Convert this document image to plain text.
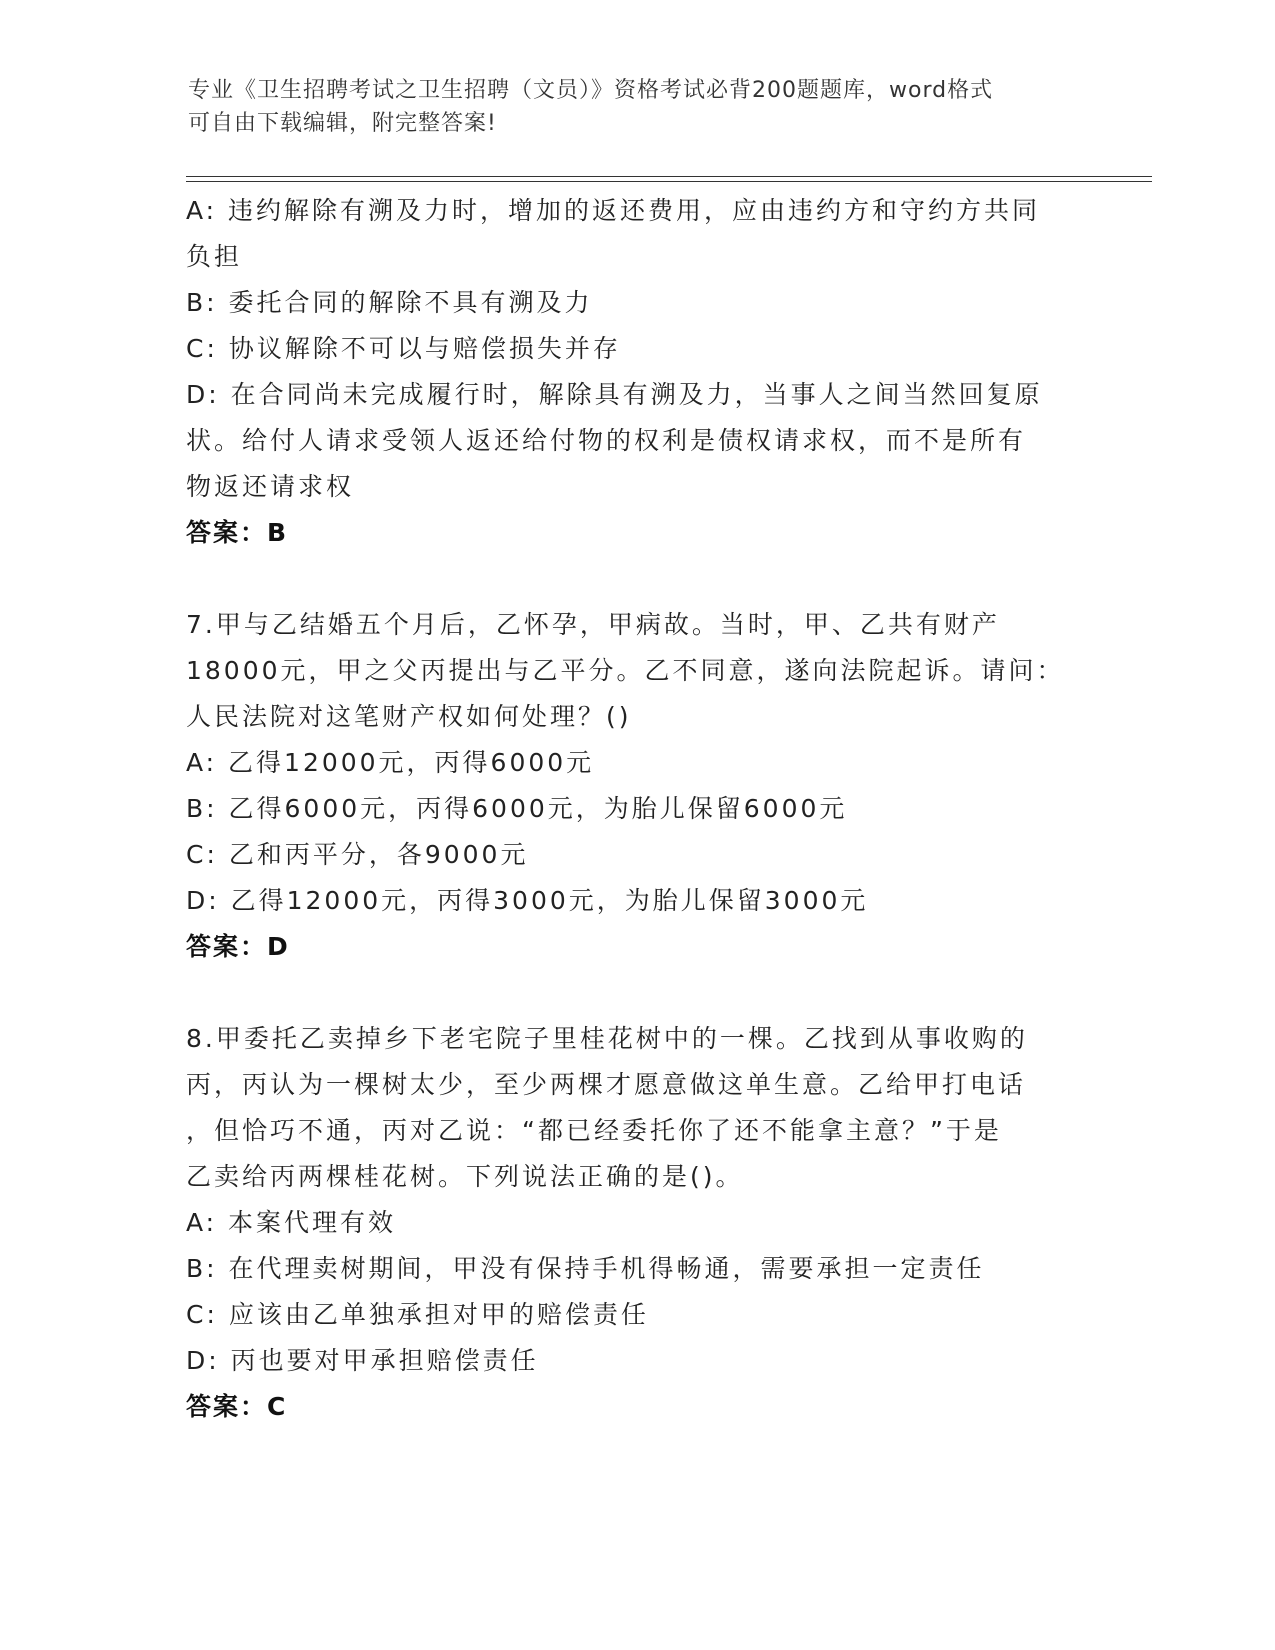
专业《卫生招聘考试之卫生招聘（文员）》资格考试必背200题题库，word格式
可自由下载编辑，附完整答案!
A: 违约解除有溯及力时，增加的返还费用，应由违约方和守约方共同
负担
B: 委托合同的解除不具有溯及力
C: 协议解除不可以与赔偿损失并存
D: 在合同尚未完成履行时，解除具有溯及力，当事人之间当然回复原
状。给付人请求受领人返还给付物的权利是债权请求权，而不是所有
物返还请求权
答案：B
7.甲与乙结婚五个月后，乙怀孕，甲病故。当时，甲、乙共有财产
18000元，甲之父丙提出与乙平分。乙不同意，遂向法院起诉。请问：
人民法院对这笔财产权如何处理？()
A: 乙得12000元，丙得6000元
B: 乙得6000元，丙得6000元，为胎儿保留6000元
C: 乙和丙平分，各9000元
D: 乙得12000元，丙得3000元，为胎儿保留3000元
答案：D
8.甲委托乙卖掉乡下老宅院子里桂花树中的一棵。乙找到从事收购的
丙，丙认为一棵树太少，至少两棵才愿意做这单生意。乙给甲打电话
，但恰巧不通，丙对乙说：“都已经委托你了还不能拿主意？”于是
乙卖给丙两棵桂花树。下列说法正确的是()。
A: 本案代理有效
B: 在代理卖树期间，甲没有保持手机得畅通，需要承担一定责任
C: 应该由乙单独承担对甲的赔偿责任
D: 丙也要对甲承担赔偿责任
答案：C
